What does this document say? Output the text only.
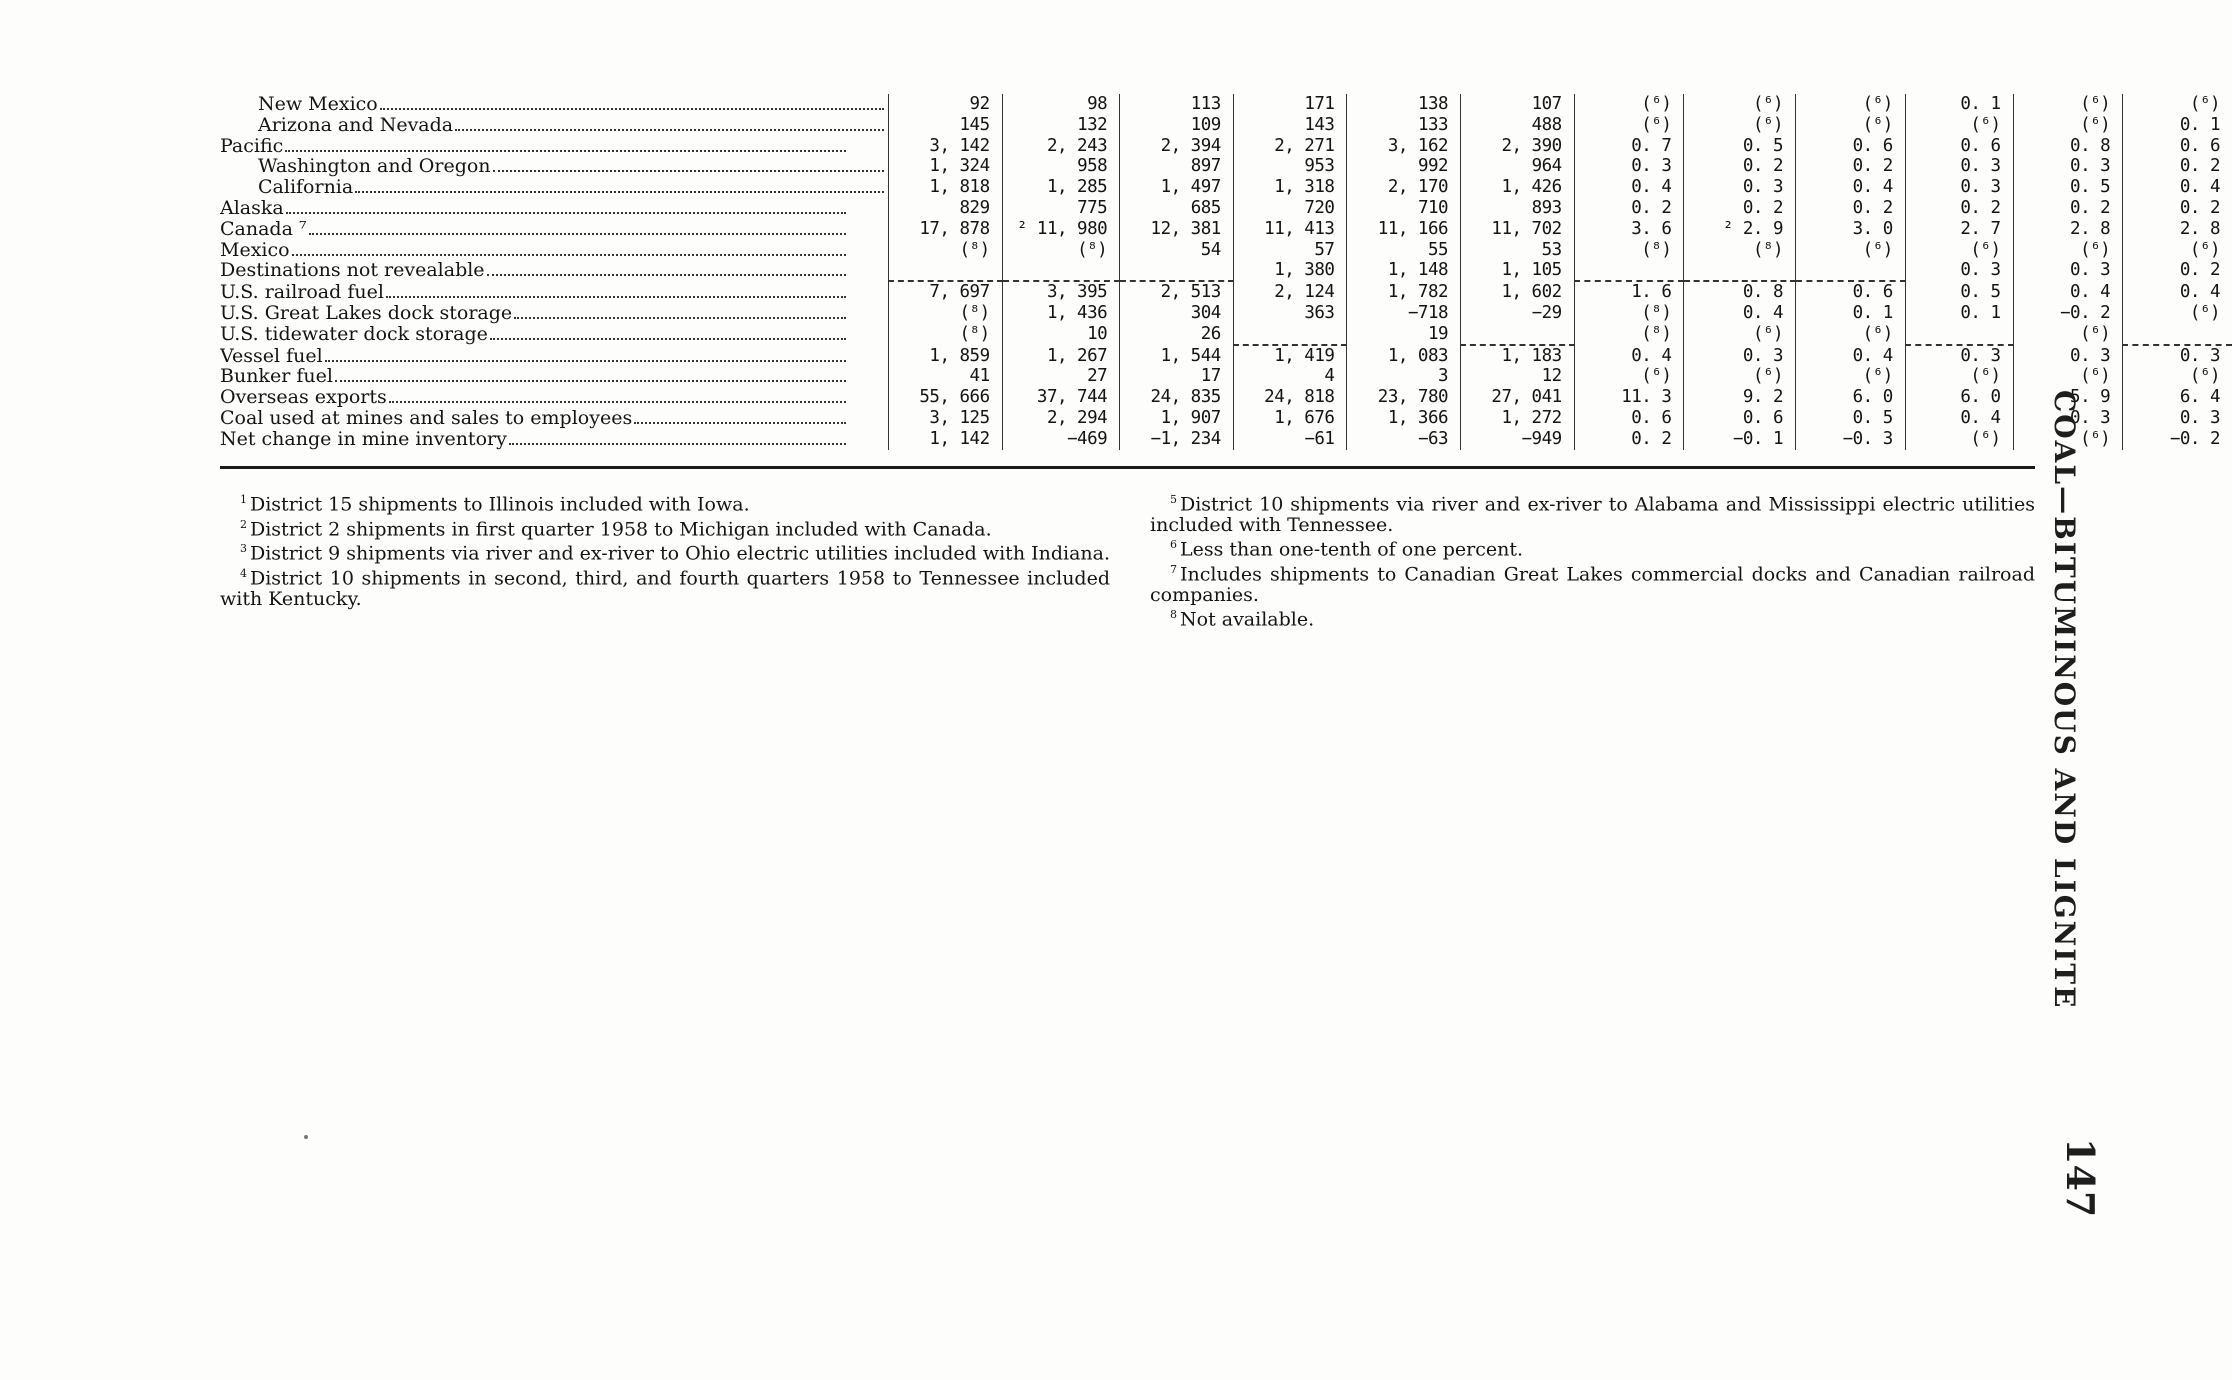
New Mexico	92	98	113	171	138	107	(⁶)	(⁶)	(⁶)	0. 1	(⁶)	(⁶)

Arizona and Nevada	145	132	109	143	133	488	(⁶)	(⁶)	(⁶)	(⁶)	(⁶)	0. 1

Pacific	3, 142	2, 243	2, 394	2, 271	3, 162	2, 390	0. 7	0. 5	0. 6	0. 6	0. 8	0. 6

Washington and Oregon	1, 324	958	897	953	992	964	0. 3	0. 2	0. 2	0. 3	0. 3	0. 2

California	1, 818	1, 285	1, 497	1, 318	2, 170	1, 426	0. 4	0. 3	0. 4	0. 3	0. 5	0. 4

Alaska	829	775	685	720	710	893	0. 2	0. 2	0. 2	0. 2	0. 2	0. 2

Canada ⁷	17, 878	² 11, 980	12, 381	11, 413	11, 166	11, 702	3. 6	² 2. 9	3. 0	2. 7	2. 8	2. 8

Mexico	(⁸)	(⁸)	54	57	55	53	(⁸)	(⁸)	(⁶)	(⁶)	(⁶)	(⁶)

Destinations not revealable				1, 380	1, 148	1, 105				0. 3	0. 3	0. 2

U.S. railroad fuel	7, 697	3, 395	2, 513	2, 124	1, 782	1, 602	1. 6	0. 8	0. 6	0. 5	0. 4	0. 4

U.S. Great Lakes dock storage	(⁸)	1, 436	304	363	−718	−29	(⁸)	0. 4	0. 1	0. 1	−0. 2	(⁶)

U.S. tidewater dock storage	(⁸)	10	26		19		(⁸)	(⁶)	(⁶)		(⁶)	

Vessel fuel	1, 859	1, 267	1, 544	1, 419	1, 083	1, 183	0. 4	0. 3	0. 4	0. 3	0. 3	0. 3

Bunker fuel	41	27	17	4	3	12	(⁶)	(⁶)	(⁶)	(⁶)	(⁶)	(⁶)

Overseas exports	55, 666	37, 744	24, 835	24, 818	23, 780	27, 041	11. 3	9. 2	6. 0	6. 0	5. 9	6. 4

Coal used at mines and sales to employees	3, 125	2, 294	1, 907	1, 676	1, 366	1, 272	0. 6	0. 6	0. 5	0. 4	0. 3	0. 3

Net change in mine inventory	1, 142	−469	−1, 234	−61	−63	−949	0. 2	−0. 1	−0. 3	(⁶)	(⁶)	−0. 2

$^1$ District 15 shipments to Illinois included with Iowa.

$^2$ District 2 shipments in first quarter 1958 to Michigan included with Canada.

$^3$ District 9 shipments via river and ex-river to Ohio electric utilities included with Indiana.

$^4$ District 10 shipments in second, third, and fourth quarters 1958 to Tennessee included with Kentucky.

$^5$ District 10 shipments via river and ex-river to Alabama and Mississippi electric utilities included with Tennessee.

$^6$ Less than one-tenth of one percent.

$^7$ Includes shipments to Canadian Great Lakes commercial docks and Canadian railroad companies.

$^8$ Not available.	COAL—BITUMINOUS AND LIGNITE
147
